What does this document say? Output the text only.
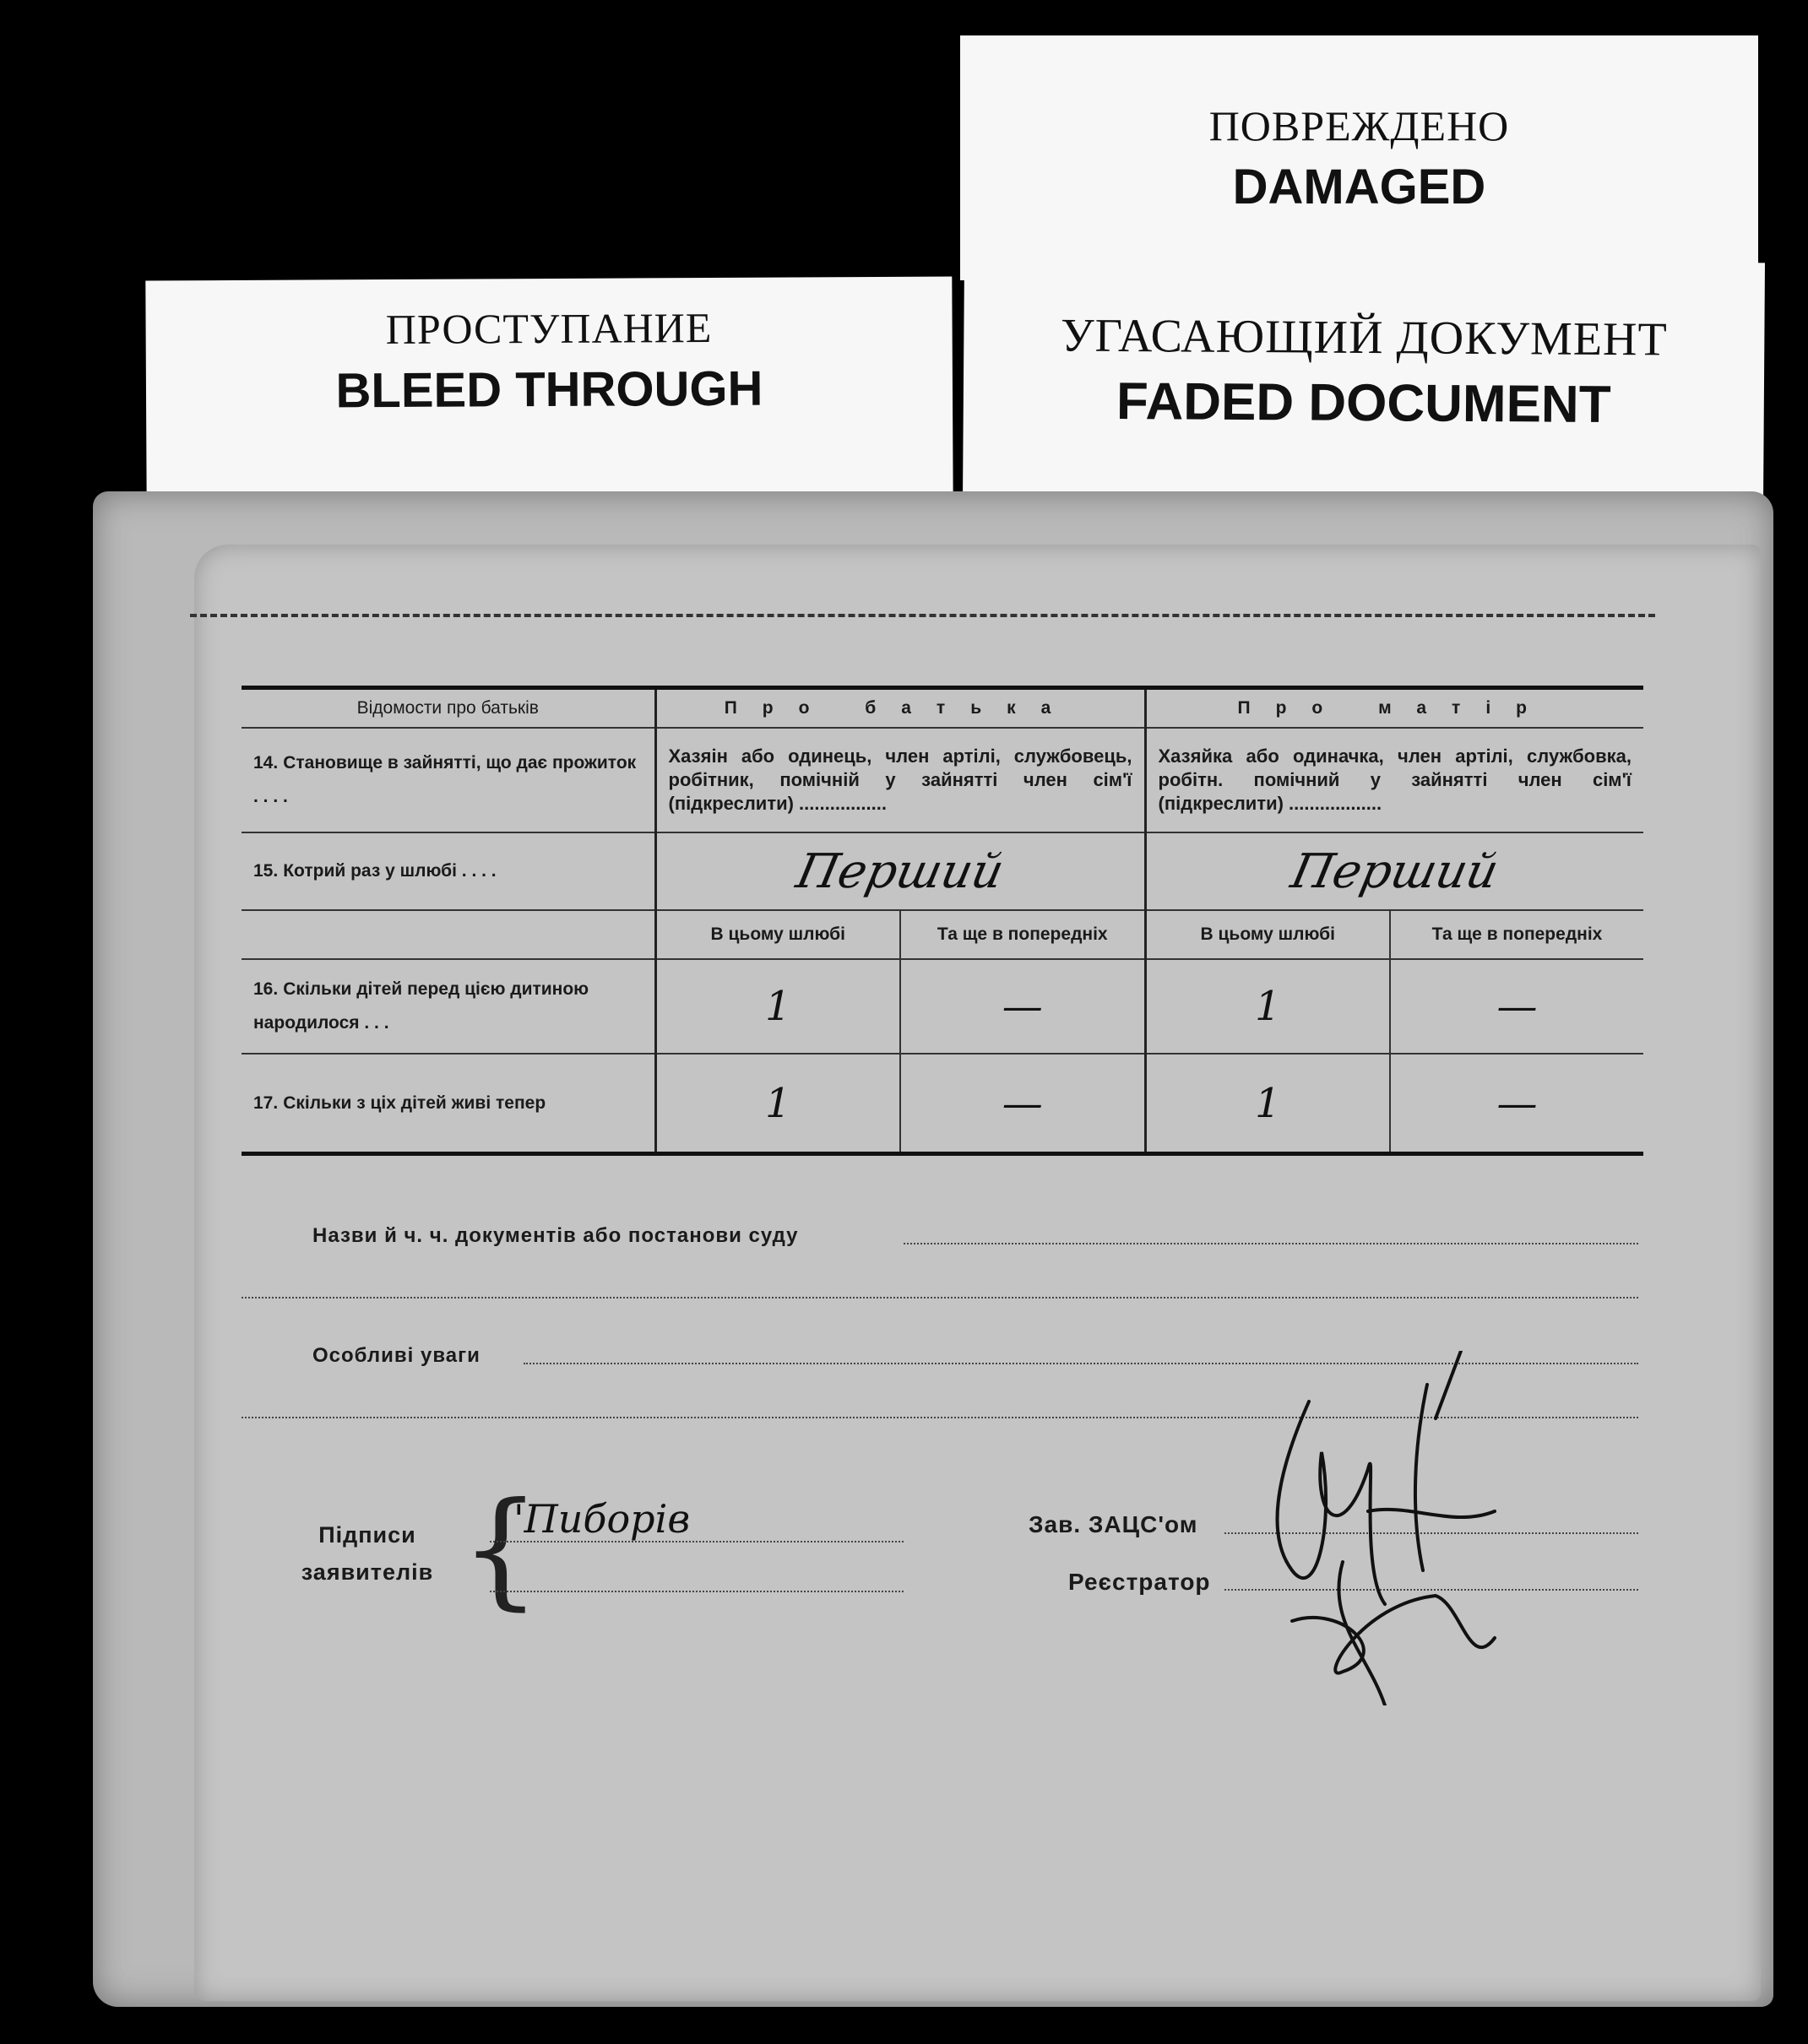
ПОВРЕЖДЕНО
DAMAGED
ПРОСТУПАНИЕ
BLEED THROUGH
УГАСАЮЩИЙ ДОКУМЕНТ
FADED DOCUMENT
Відомости про батьків	Про батька		Про матір	
14. Становище в зайнятті, що дає прожиток . . . .	Хазяін або одинець, член артілі, службовець, робітник, помічній у зайнятті член сім'ї (підкреслити) .................		Хазяйка або одиначка, член артілі, службовка, робітн. помічний у зайнятті член сім'ї (підкреслити) ..................	
15. Котрий раз у шлюбі . . . .	Перший		Перший	
	В цьому шлюбі	Та ще в попередніх	В цьому шлюбі	Та ще в попередніх
16. Скільки дітей перед цією дитиною народилося . . .	1	—	1	—
17. Скільки з ціх дітей живі тепер	1	—	1	—
Назви й ч. ч. документів або постанови суду
Особливі уваги
Підписи заявителів {
'Пиборів	Зав. ЗАЦС'ом
Реєстратор
